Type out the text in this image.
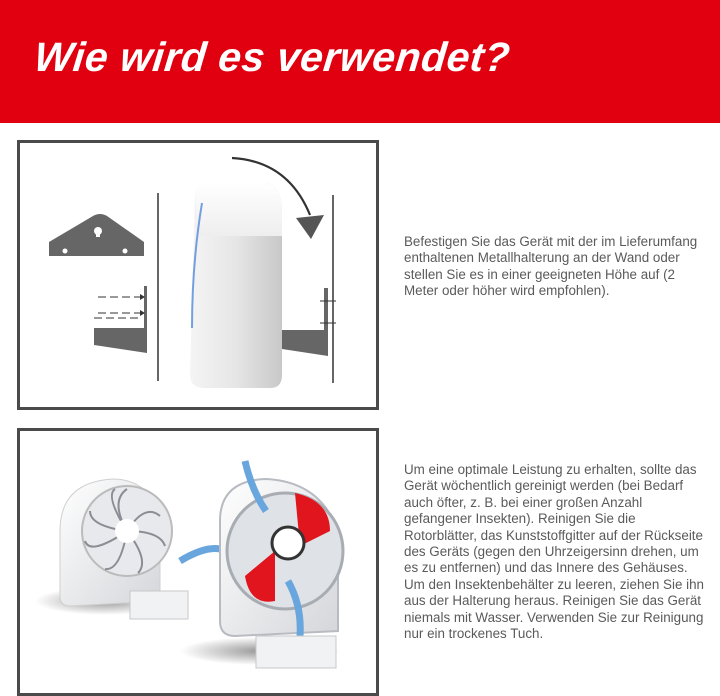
Wie wird es verwendet?
Befestigen Sie das Gerät mit der im Lieferumfang enthaltenen Metallhalterung an der Wand oder stellen Sie es in einer geeigneten Höhe auf (2 Meter oder höher wird empfohlen).
Um eine optimale Leistung zu erhalten, sollte das Gerät wöchentlich gereinigt werden (bei Bedarf auch öfter, z. B. bei einer großen Anzahl gefangener Insekten). Reinigen Sie die Rotorblätter, das Kunststoffgitter auf der Rückseite des Geräts (gegen den Uhrzeigersinn drehen, um es zu entfernen) und das Innere des Gehäuses. Um den Insektenbehälter zu leeren, ziehen Sie ihn aus der Halterung heraus. Reinigen Sie das Gerät niemals mit Wasser. Verwenden Sie zur Reinigung nur ein trockenes Tuch.
